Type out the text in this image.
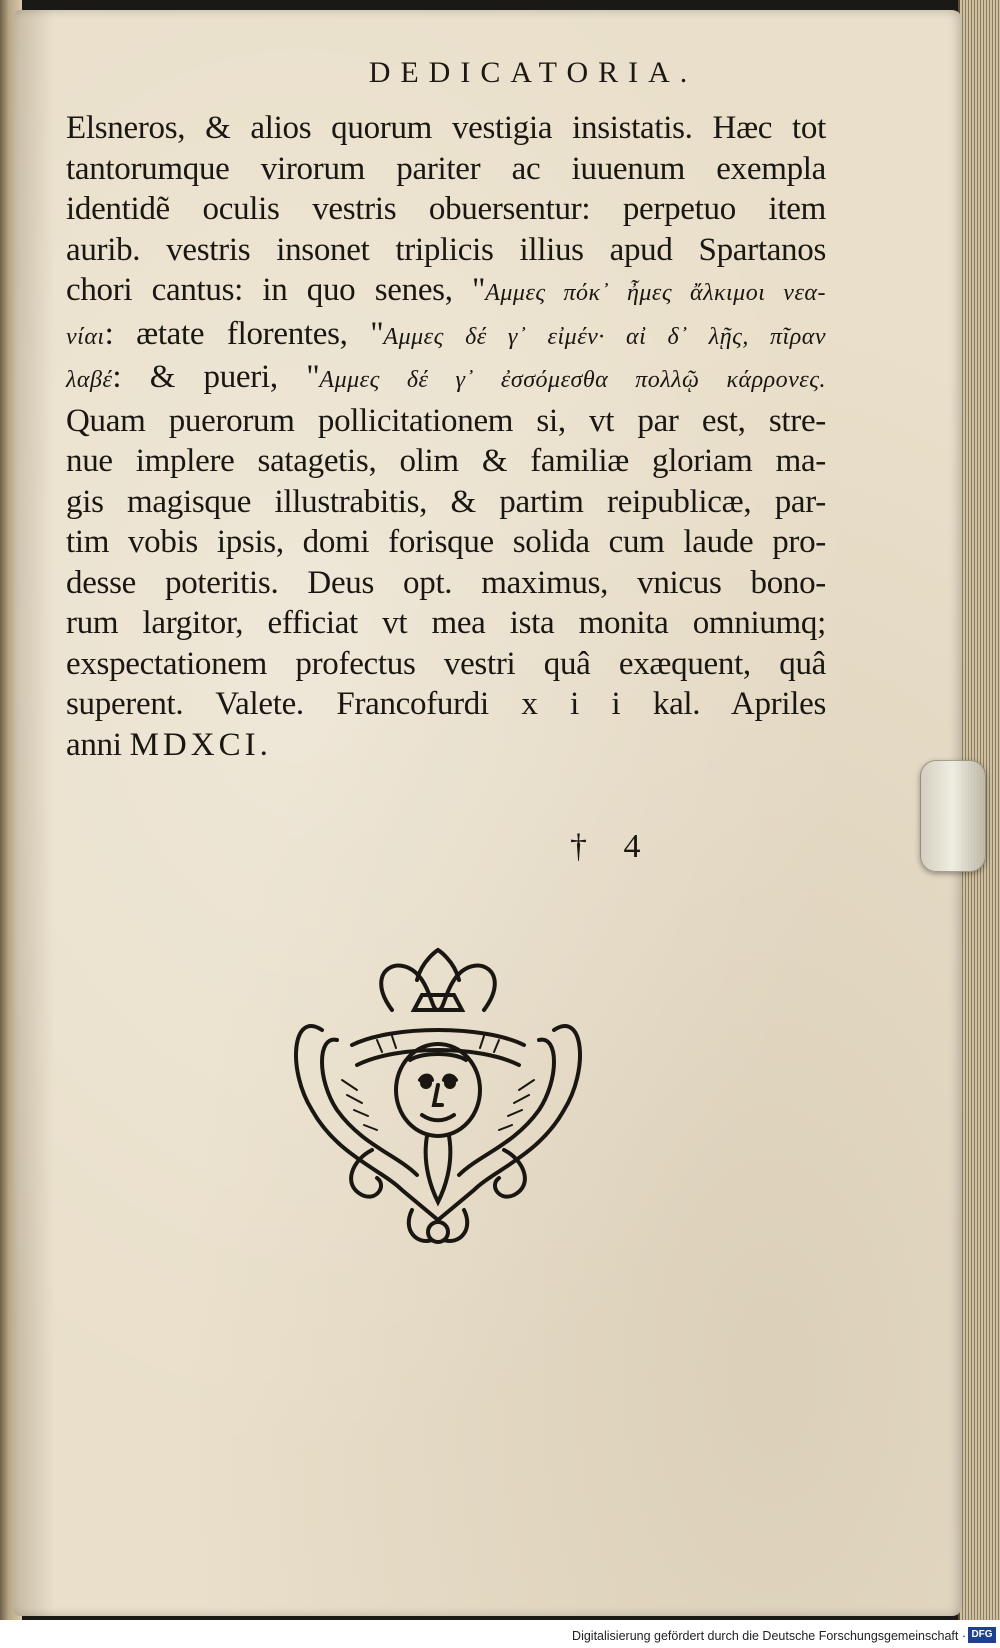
DEDICATORIA.
Elsneros, & alios quorum vestigia insistatis. Hæc tot
tantorumque virorum pariter ac iuuenum exempla
identidẽ oculis vestris obuersentur: perpetuo item
aurib. vestris insonet triplicis illius apud Spartanos
chori cantus: in quo senes, "Αμμες πόκ᾽ ἦμες ἄλκιμοι νεα-
νίαι: ætate florentes, "Αμμες δέ γ᾽ εἰμέν· αἰ δ᾽ λῇς, πῖραν
λαβέ: & pueri, "Αμμες δέ γ᾽ ἐσσόμεσθα πολλῷ κάρρονες.
Quam puerorum pollicitationem si, vt par est, stre-
nue implere satagetis, olim & familiæ gloriam ma-
gis magisque illustrabitis, & partim reipublicæ, par-
tim vobis ipsis, domi forisque solida cum laude pro-
desse poteritis. Deus opt. maximus, vnicus bono-
rum largitor, efficiat vt mea ista monita omniumq;
exspectationem profectus vestri quâ exæquent, quâ
superent. Valete. Francofurdi x i i kal. Apriles
anni MDXCI.
† 4
Digitalisierung gefördert durch die Deutsche Forschungsgemeinschaft · DFG
